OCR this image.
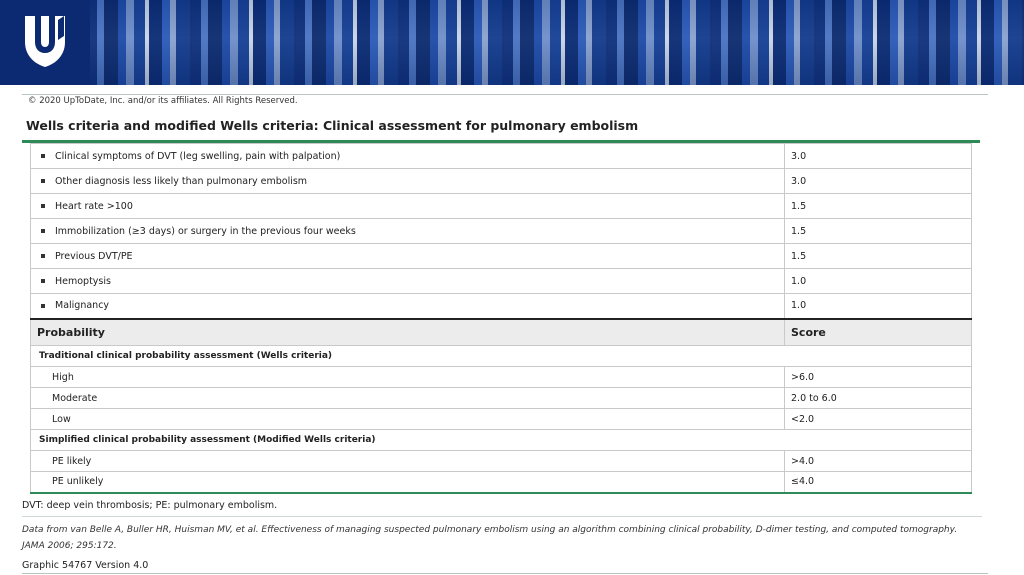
© 2020 UpToDate, Inc. and/or its affiliates. All Rights Reserved.
Wells criteria and modified Wells criteria: Clinical assessment for pulmonary embolism
Clinical symptoms of DVT (leg swelling, pain with palpation)	3.0
Other diagnosis less likely than pulmonary embolism	3.0
Heart rate >100	1.5
Immobilization (≥3 days) or surgery in the previous four weeks	1.5
Previous DVT/PE	1.5
Hemoptysis	1.0
Malignancy	1.0
Probability	Score
Traditional clinical probability assessment (Wells criteria)	
High	>6.0
Moderate	2.0 to 6.0
Low	<2.0
Simplified clinical probability assessment (Modified Wells criteria)	
PE likely	>4.0
PE unlikely	≤4.0
DVT: deep vein thrombosis; PE: pulmonary embolism.
Data from van Belle A, Buller HR, Huisman MV, et al. Effectiveness of managing suspected pulmonary embolism using an algorithm combining clinical probability, D-dimer testing, and computed tomography. JAMA 2006; 295:172.
Graphic 54767 Version 4.0
